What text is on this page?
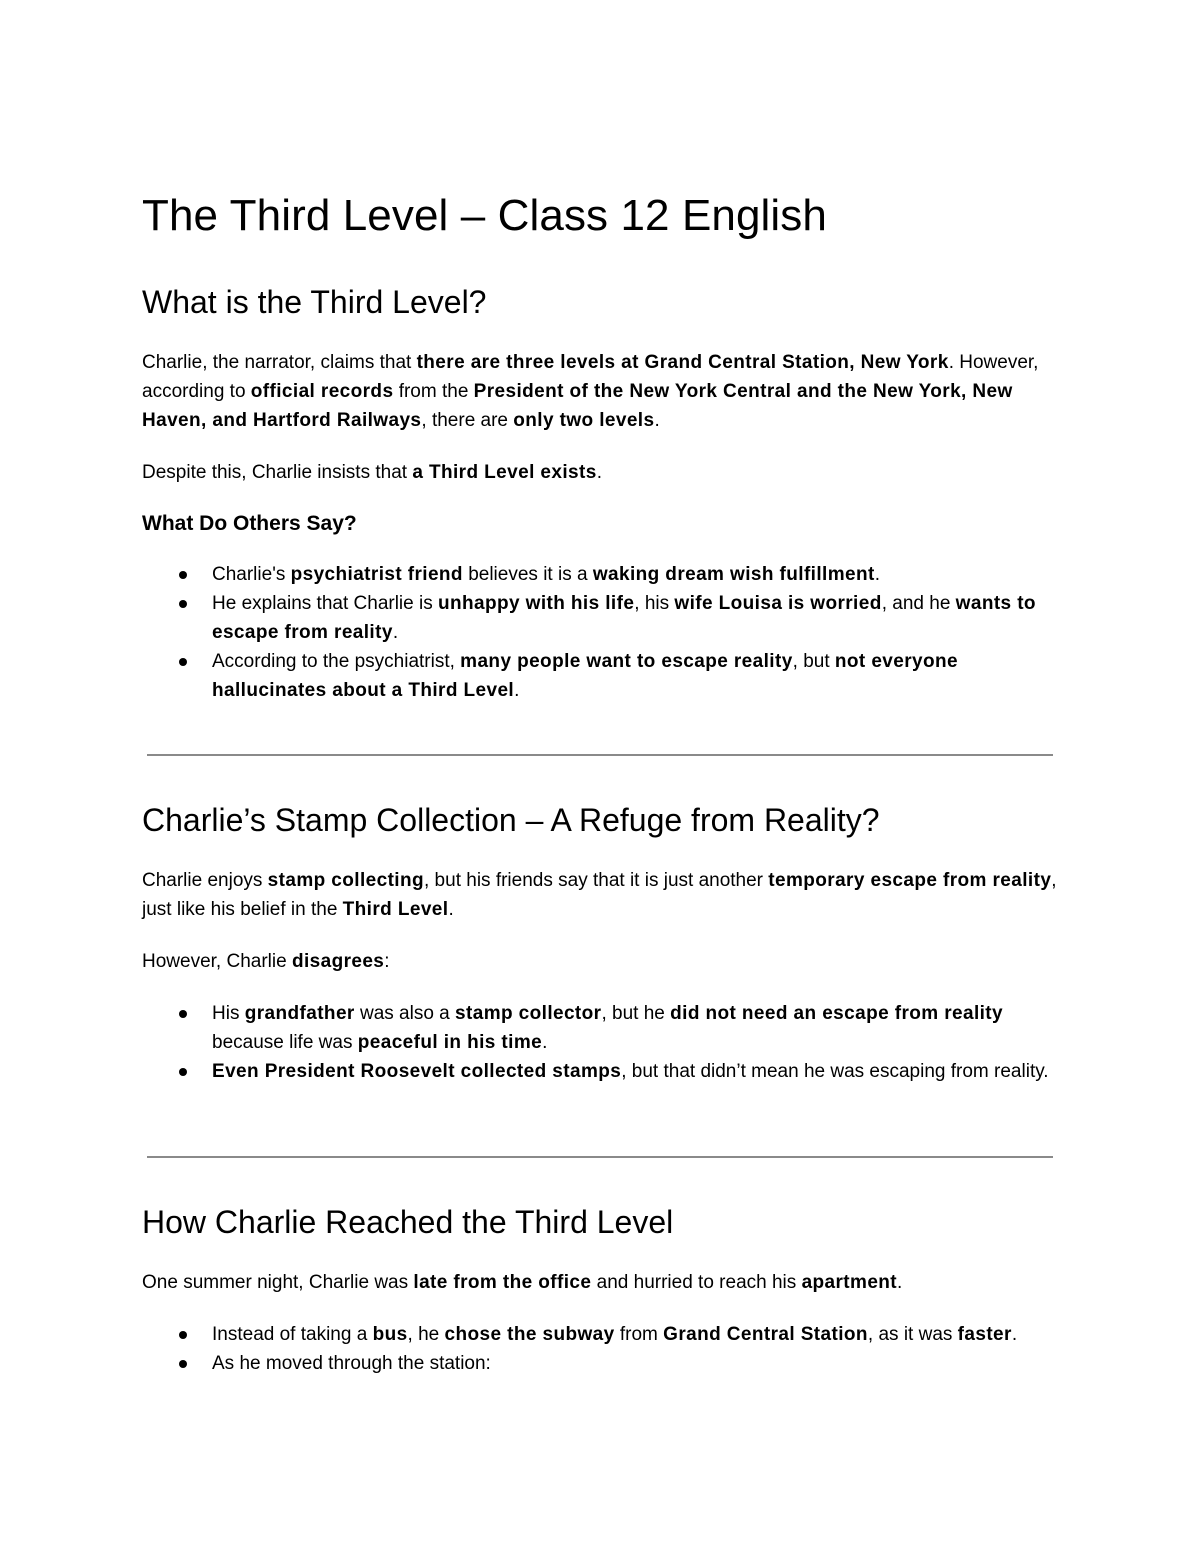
The Third Level – Class 12 English
What is the Third Level?

Charlie, the narrator, claims that there are three levels at Grand Central Station, New York. However, according to official records from the President of the New York Central and the New York, New Haven, and Hartford Railways, there are only two levels.

Despite this, Charlie insists that a Third Level exists.

What Do Others Say?
Charlie's psychiatrist friend believes it is a waking dream wish fulfillment.
He explains that Charlie is unhappy with his life, his wife Louisa is worried, and he wants to escape from reality.
According to the psychiatrist, many people want to escape reality, but not everyone hallucinates about a Third Level.
Charlie’s Stamp Collection – A Refuge from Reality?

Charlie enjoys stamp collecting, but his friends say that it is just another temporary escape from reality, just like his belief in the Third Level.

However, Charlie disagrees:

His grandfather was also a stamp collector, but he did not need an escape from reality because life was peaceful in his time.
Even President Roosevelt collected stamps, but that didn’t mean he was escaping from reality.
How Charlie Reached the Third Level

One summer night, Charlie was late from the office and hurried to reach his apartment.

Instead of taking a bus, he chose the subway from Grand Central Station, as it was faster.
As he moved through the station:
